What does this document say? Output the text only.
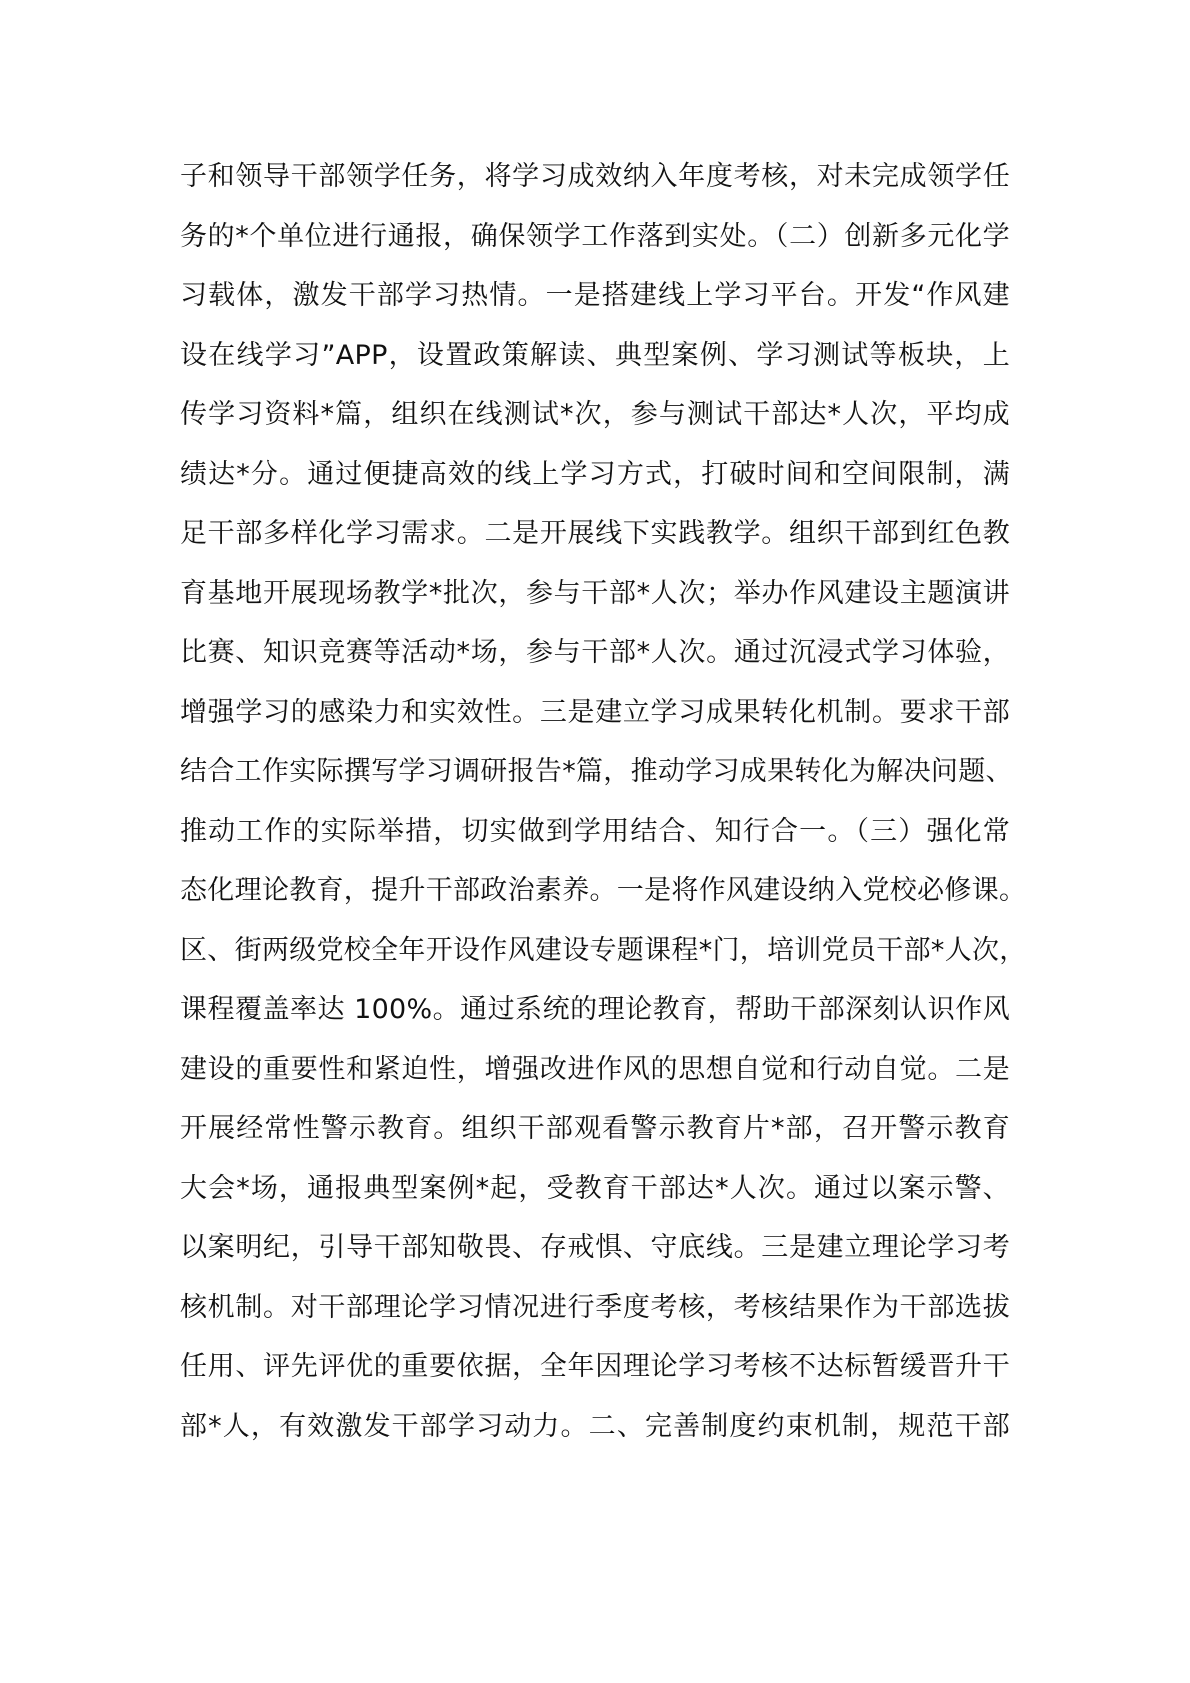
子和领导干部领学任务，将学习成效纳入年度考核，对未完成领学任
务的*个单位进行通报，确保领学工作落到实处。（二）创新多元化学
习载体，激发干部学习热情。一是搭建线上学习平台。开发“作风建
设在线学习”APP，设置政策解读、典型案例、学习测试等板块，上
传学习资料*篇，组织在线测试*次，参与测试干部达*人次，平均成
绩达*分。通过便捷高效的线上学习方式，打破时间和空间限制，满
足干部多样化学习需求。二是开展线下实践教学。组织干部到红色教
育基地开展现场教学*批次，参与干部*人次；举办作风建设主题演讲
比赛、知识竞赛等活动*场，参与干部*人次。通过沉浸式学习体验，
增强学习的感染力和实效性。三是建立学习成果转化机制。要求干部
结合工作实际撰写学习调研报告*篇，推动学习成果转化为解决问题、
推动工作的实际举措，切实做到学用结合、知行合一。（三）强化常
态化理论教育，提升干部政治素养。一是将作风建设纳入党校必修课。
区、街两级党校全年开设作风建设专题课程*门，培训党员干部*人次，
课程覆盖率达 100%。通过系统的理论教育，帮助干部深刻认识作风
建设的重要性和紧迫性，增强改进作风的思想自觉和行动自觉。二是
开展经常性警示教育。组织干部观看警示教育片*部，召开警示教育
大会*场，通报典型案例*起，受教育干部达*人次。通过以案示警、
以案明纪，引导干部知敬畏、存戒惧、守底线。三是建立理论学习考
核机制。对干部理论学习情况进行季度考核，考核结果作为干部选拔
任用、评先评优的重要依据，全年因理论学习考核不达标暂缓晋升干
部*人，有效激发干部学习动力。二、完善制度约束机制，规范干部
